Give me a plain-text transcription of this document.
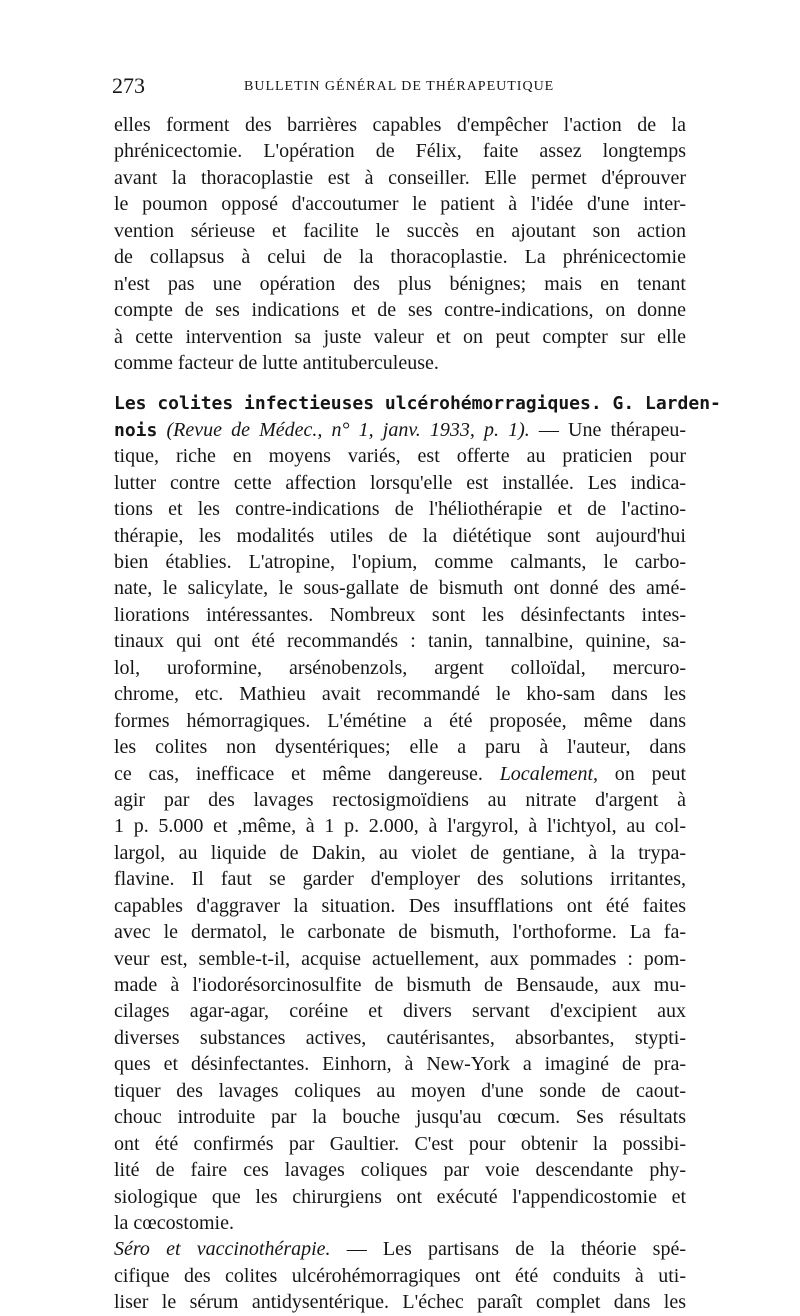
273	BULLETIN GÉNÉRAL DE THÉRAPEUTIQUE
elles forment des barrières capables d'empêcher l'action de la
phrénicectomie. L'opération de Félix, faite assez longtemps
avant la thoracoplastie est à conseiller. Elle permet d'éprouver
le poumon opposé d'accoutumer le patient à l'idée d'une inter-
vention sérieuse et facilite le succès en ajoutant son action
de collapsus à celui de la thoracoplastie. La phrénicectomie
n'est pas une opération des plus bénignes; mais en tenant
compte de ses indications et de ses contre-indications, on donne
à cette intervention sa juste valeur et on peut compter sur elle
comme facteur de lutte antituberculeuse.
Les colites infectieuses ulcérohémorragiques. G. Larden-
nois (Revue de Médec., n° 1, janv. 1933, p. 1). — Une thérapeu-
tique, riche en moyens variés, est offerte au praticien pour
lutter contre cette affection lorsqu'elle est installée. Les indica-
tions et les contre-indications de l'héliothérapie et de l'actino-
thérapie, les modalités utiles de la diététique sont aujourd'hui
bien établies. L'atropine, l'opium, comme calmants, le carbo-
nate, le salicylate, le sous-gallate de bismuth ont donné des amé-
liorations intéressantes. Nombreux sont les désinfectants intes-
tinaux qui ont été recommandés : tanin, tannalbine, quinine, sa-
lol, uroformine, arsénobenzols, argent colloïdal, mercuro-
chrome, etc. Mathieu avait recommandé le kho-sam dans les
formes hémorragiques. L'émétine a été proposée, même dans
les colites non dysentériques; elle a paru à l'auteur, dans
ce cas, inefficace et même dangereuse. Localement, on peut
agir par des lavages rectosigmoïdiens au nitrate d'argent à
1 p. 5.000 et ,même, à 1 p. 2.000, à l'argyrol, à l'ichtyol, au col-
largol, au liquide de Dakin, au violet de gentiane, à la trypa-
flavine. Il faut se garder d'employer des solutions irritantes,
capables d'aggraver la situation. Des insufflations ont été faites
avec le dermatol, le carbonate de bismuth, l'orthoforme. La fa-
veur est, semble-t-il, acquise actuellement, aux pommades : pom-
made à l'iodorésorcinosulfite de bismuth de Bensaude, aux mu-
cilages agar-agar, coréine et divers servant d'excipient aux
diverses substances actives, cautérisantes, absorbantes, stypti-
ques et désinfectantes. Einhorn, à New-York a imaginé de pra-
tiquer des lavages coliques au moyen d'une sonde de caout-
chouc introduite par la bouche jusqu'au cœcum. Ses résultats
ont été confirmés par Gaultier. C'est pour obtenir la possibi-
lité de faire ces lavages coliques par voie descendante phy-
siologique que les chirurgiens ont exécuté l'appendicostomie et
la cœcostomie.
Séro et vaccinothérapie. — Les partisans de la théorie spé-
cifique des colites ulcérohémorragiques ont été conduits à uti-
liser le sérum antidysentérique. L'échec paraît complet dans les
